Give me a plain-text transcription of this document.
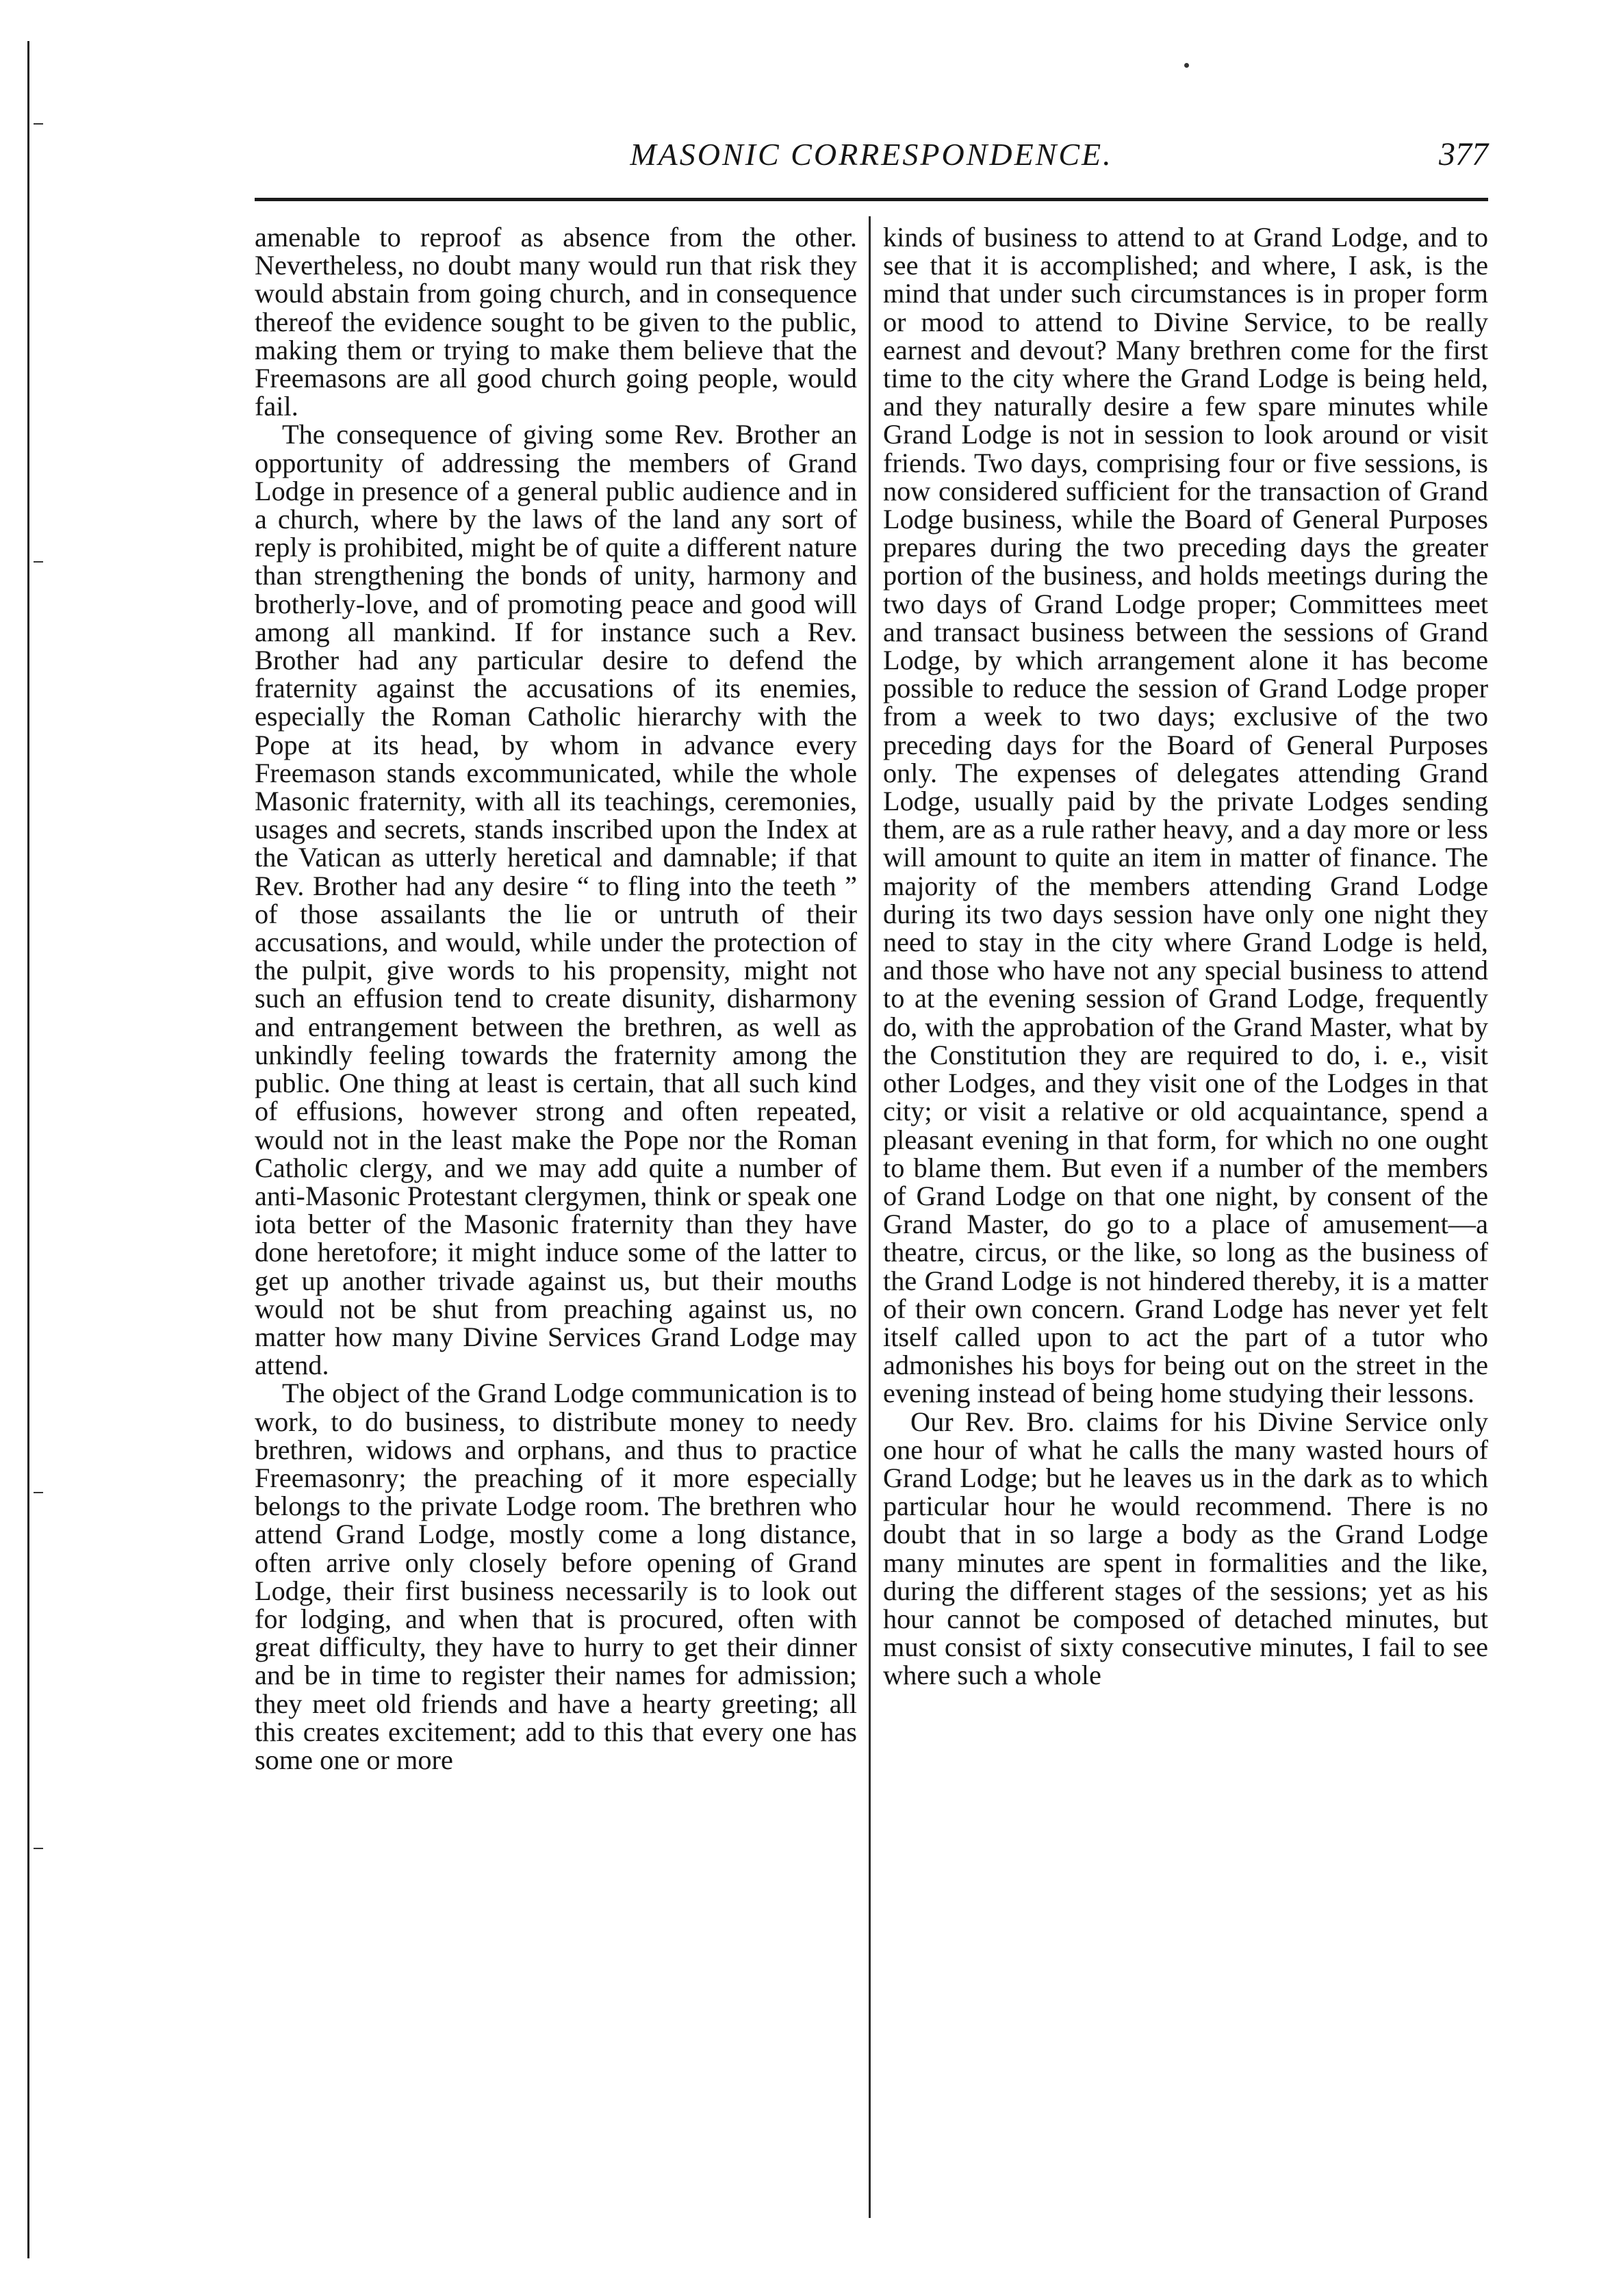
MASONIC CORRESPONDENCE.	377

amenable to reproof as absence from the other. Nevertheless, no doubt many would run that risk they would abstain from going church, and in consequence thereof the evidence sought to be given to the public, making them or trying to make them believe that the Freemasons are all good church going people, would fail.

The consequence of giving some Rev. Brother an opportunity of addressing the members of Grand Lodge in presence of a general public audience and in a church, where by the laws of the land any sort of reply is prohibited, might be of quite a different nature than strengthening the bonds of unity, harmony and brotherly-love, and of promoting peace and good will among all mankind. If for instance such a Rev. Brother had any particular desire to defend the fraternity against the accusations of its enemies, especially the Roman Catholic hierarchy with the Pope at its head, by whom in advance every Freemason stands excommunicated, while the whole Masonic fraternity, with all its teachings, ceremonies, usages and secrets, stands inscribed upon the Index at the Vatican as utterly heretical and damnable; if that Rev. Brother had any desire “ to fling into the teeth ” of those assailants the lie or untruth of their accusations, and would, while under the protection of the pulpit, give words to his propensity, might not such an effusion tend to create disunity, disharmony and entrangement between the brethren, as well as unkindly feeling towards the fraternity among the public. One thing at least is certain, that all such kind of effusions, however strong and often repeated, would not in the least make the Pope nor the Roman Catholic clergy, and we may add quite a number of anti-Masonic Protestant clergymen, think or speak one iota better of the Masonic fraternity than they have done heretofore; it might induce some of the latter to get up another trivade against us, but their mouths would not be shut from preaching against us, no matter how many Divine Services Grand Lodge may attend.

The object of the Grand Lodge communication is to work, to do business, to distribute money to needy brethren, widows and orphans, and thus to practice Freemasonry; the preaching of it more especially belongs to the private Lodge room. The brethren who attend Grand Lodge, mostly come a long distance, often arrive only closely before opening of Grand Lodge, their first business necessarily is to look out for lodging, and when that is procured, often with great difficulty, they have to hurry to get their dinner and be in time to register their names for admission; they meet old friends and have a hearty greeting; all this creates excitement; add to this that every one has some one or more

kinds of business to attend to at Grand Lodge, and to see that it is accomplished; and where, I ask, is the mind that under such circumstances is in proper form or mood to attend to Divine Service, to be really earnest and devout? Many brethren come for the first time to the city where the Grand Lodge is being held, and they naturally desire a few spare minutes while Grand Lodge is not in session to look around or visit friends. Two days, comprising four or five sessions, is now considered sufficient for the transaction of Grand Lodge business, while the Board of General Purposes prepares during the two preceding days the greater portion of the business, and holds meetings during the two days of Grand Lodge proper; Committees meet and transact business between the sessions of Grand Lodge, by which arrangement alone it has become possible to reduce the session of Grand Lodge proper from a week to two days; exclusive of the two preceding days for the Board of General Purposes only. The expenses of delegates attending Grand Lodge, usually paid by the private Lodges sending them, are as a rule rather heavy, and a day more or less will amount to quite an item in matter of finance. The majority of the members attending Grand Lodge during its two days session have only one night they need to stay in the city where Grand Lodge is held, and those who have not any special business to attend to at the evening session of Grand Lodge, frequently do, with the approbation of the Grand Master, what by the Constitution they are required to do, i. e., visit other Lodges, and they visit one of the Lodges in that city; or visit a relative or old acquaintance, spend a pleasant evening in that form, for which no one ought to blame them. But even if a number of the members of Grand Lodge on that one night, by consent of the Grand Master, do go to a place of amusement—a theatre, circus, or the like, so long as the business of the Grand Lodge is not hindered thereby, it is a matter of their own concern. Grand Lodge has never yet felt itself called upon to act the part of a tutor who admonishes his boys for being out on the street in the evening instead of being home studying their lessons.

Our Rev. Bro. claims for his Divine Service only one hour of what he calls the many wasted hours of Grand Lodge; but he leaves us in the dark as to which particular hour he would recommend. There is no doubt that in so large a body as the Grand Lodge many minutes are spent in formalities and the like, during the different stages of the sessions; yet as his hour cannot be composed of detached minutes, but must consist of sixty consecutive minutes, I fail to see where such a whole
